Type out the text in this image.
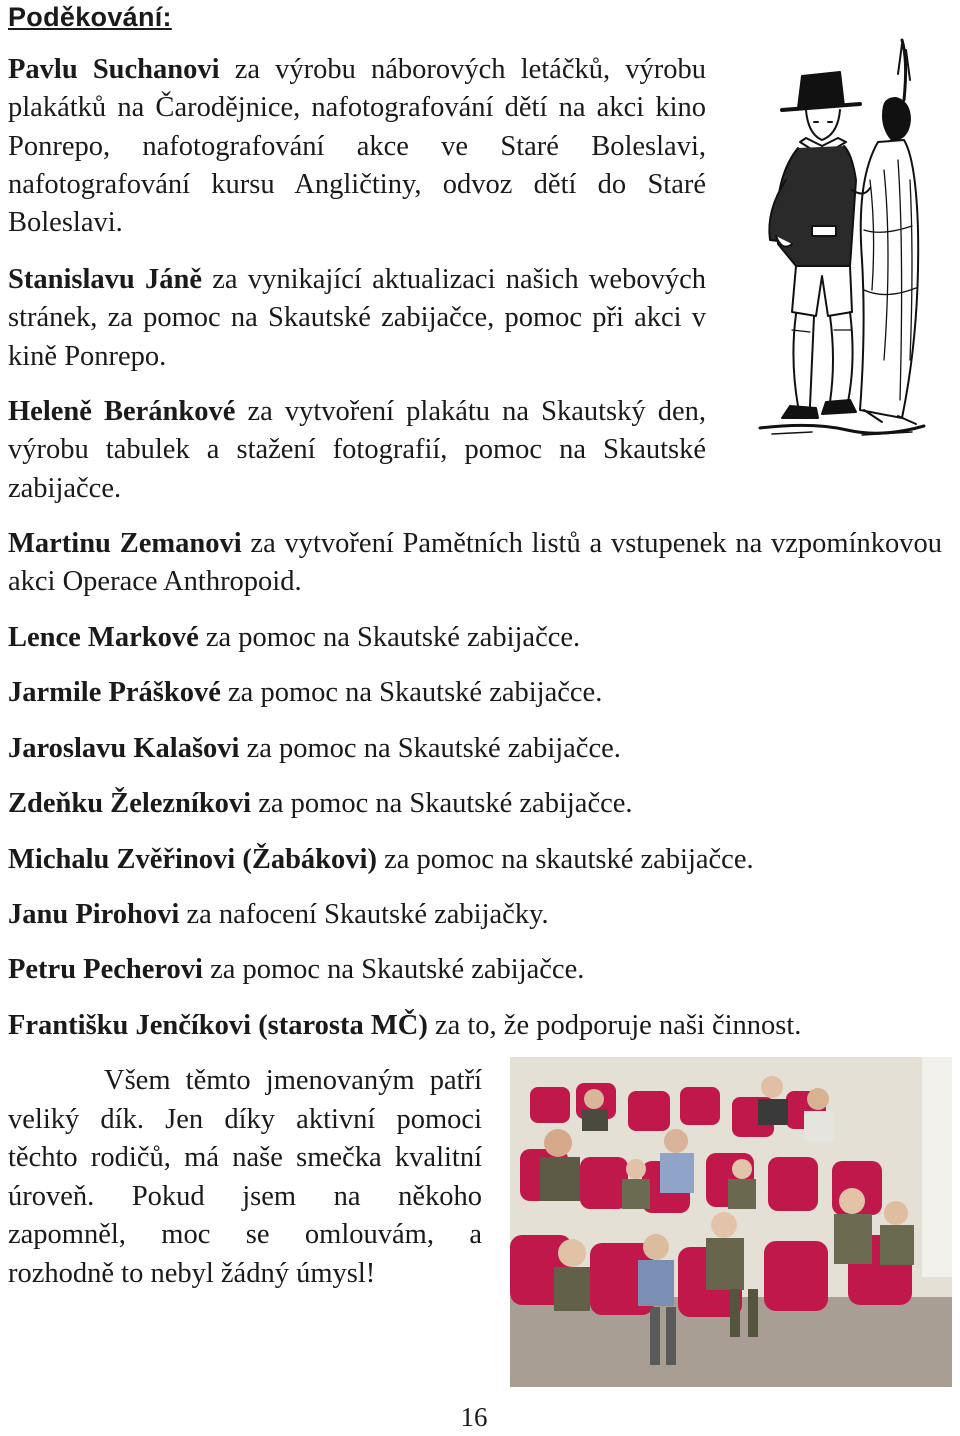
Poděkování:

Pavlu Suchanovi za výrobu náborových letáčků, výrobu plakátků na Čarodějnice, nafotografování dětí na akci kino Ponrepo, nafotografování akce ve Staré Boleslavi, nafotografování kursu Angličtiny, odvoz dětí do Staré Boleslavi.

Stanislavu Jáně za vynikající aktualizaci našich webových stránek, za pomoc na Skautské zabijačce, pomoc při akci v kině Ponrepo.

Heleně Beránkové za vytvoření plakátu na Skautský den, výrobu tabulek a stažení fotografií, pomoc na Skautské zabijačce.

Martinu Zemanovi za vytvoření Pamětních listů a vstupenek na vzpomínkovou akci Operace Anthropoid.

Lence Markové za pomoc na Skautské zabijačce.

Jarmile Práškové za pomoc na Skautské zabijačce.

Jaroslavu Kalašovi za pomoc na Skautské zabijačce.

Zdeňku Železníkovi za pomoc na Skautské zabijačce.

Michalu Zvěřinovi (Žabákovi) za pomoc na skautské zabijačce.

Janu Pirohovi za nafocení Skautské zabijačky.

Petru Pecherovi za pomoc na Skautské zabijačce.

Františku Jenčíkovi (starosta MČ) za to, že podporuje naši činnost.

Všem těmto jmenovaným patří veliký dík. Jen díky aktivní pomoci těchto rodičů, má naše smečka kvalitní úroveň. Pokud jsem na někoho zapomněl, moc se omlouvám, a rozhodně to nebyl žádný úmysl!

16
